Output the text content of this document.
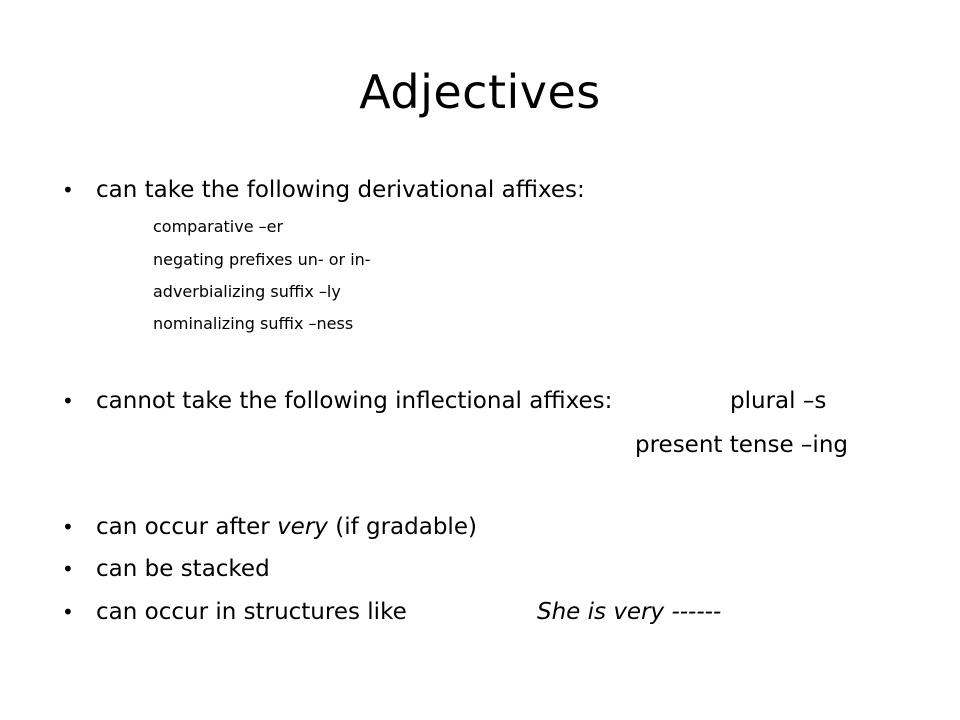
Adjectives
• can take the following derivational affixes:
comparative –er
negating prefixes un- or in-
adverbializing suffix –ly
nominalizing suffix –ness
• cannot take the following inflectional affixes:	plural –s
present tense –ing
• can occur after very (if gradable)
• can be stacked
• can occur in structures like	She is very ------
